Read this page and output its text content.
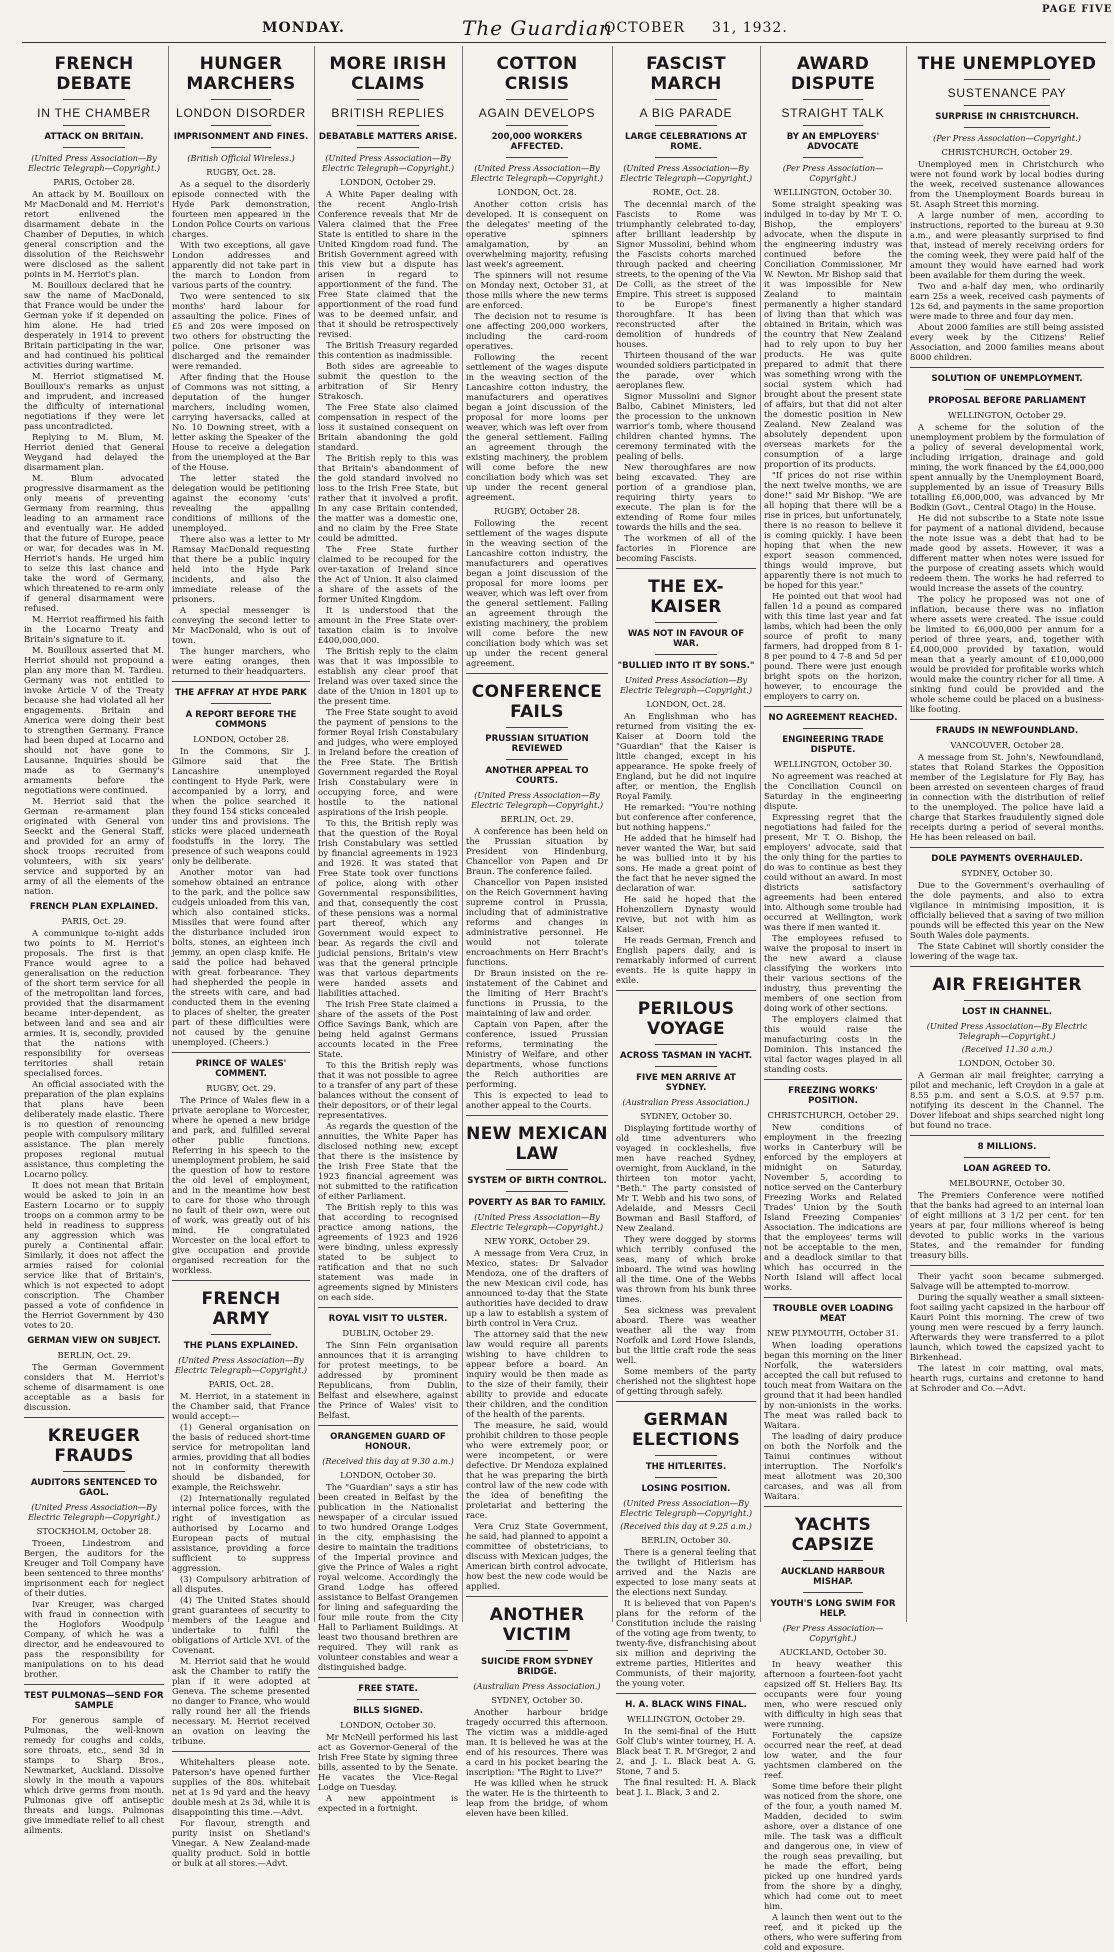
MONDAY.	The Guardian
OCTOBER 31, 1932.
PAGE FIVE
FRENCH DEBATE
IN THE CHAMBER
ATTACK ON BRITAIN.
(United Press Association—By Electric Telegraph—Copyright.)
PARIS, October 28.
An attack by M. Bouilloux on Mr MacDonald and M. Herriot's retort enlivened the disarmament debate in the Chamber of Deputies, in which general conscription and the dissolution of the Reichswehr were disclosed as the salient points in M. Herriot's plan.
M. Bouilloux declared that he saw the name of MacDonald, that France would be under the German yoke if it depended on him alone. He had tried desperately in 1914 to prevent Britain participating in the war, and had continued his political activities during wartime.
M. Herriot stigmatised M. Bouilloux's remarks as unjust and imprudent, and increased the difficulty of international negotiations if they were let pass uncontradicted.
Replying to M. Blum, M. Herriot denied that General Weygand had delayed the disarmament plan.
M. Blum advocated progressive disarmament as the only means of preventing Germany from rearming, thus leading to an armament race and eventually war. He added that the future of Europe, peace or war, for decades was in M. Herriot's hands. He urged him to seize this last chance and take the word of Germany, which threatened to re-arm only if general disarmament were refused.
M. Herriot reaffirmed his faith in the Locarno Treaty and Britain's signature to it.
M. Bouilloux asserted that M. Herriot should not propound a plan any more than M. Tardieu. Germany was not entitled to invoke Article V of the Treaty because she had violated all her engagements. Britain and America were doing their best to strengthen Germany. France had been duped at Locarno and should not have gone to Lausanne. Inquiries should be made as to Germany's armaments before the negotiations were continued.
M. Herriot said that the German re-armament plan originated with General von Seeckt and the General Staff, and provided for an army of shock troops recruited from volunteers, with six years' service and supported by an army of all the elements of the nation.
FRENCH PLAN EXPLAINED.
PARIS, Oct. 29.
A communique to-night adds two points to M. Herriot's proposals. The first is that France would agree to a generalisation on the reduction of the short term service for all of the metropolitan land forces, provided that the disarmament became inter-dependent, as between land and sea and air armies. It is, secondly, provided that the nations with responsibility for overseas territories shall retain specialised forces.
An official associated with the preparation of the plan explains that plans have been deliberately made elastic. There is no question of renouncing people with compulsory military assistance. The plan merely proposes regional mutual assistance, thus completing the Locarno policy.
It does not mean that Britain would be asked to join in an Eastern Locarno or to supply troops on a common army to be held in readiness to suppress any aggression which was purely a Continental affair. Similarly, it does not affect the armies raised for colonial service like that of Britain's, which is not expected to adopt conscription. The Chamber passed a vote of confidence in the Herriot Government by 430 votes to 20.
GERMAN VIEW ON SUBJECT.
BERLIN, Oct. 29.
The German Government considers that M. Herriot's scheme of disarmament is one acceptable as a basis for discussion.
KREUGER FRAUDS
AUDITORS SENTENCED TO GAOL.
(United Press Association—By Electric Telegraph—Copyright.)
STOCKHOLM, October 28.
Troeen, Lindestrom and Bergen, the auditors for the Kreuger and Toll Company have been sentenced to three months' imprisonment each for neglect of their duties.
Ivar Kreuger, was charged with fraud in connection with the Hoglofors Woodpulp Company, of which he was a director, and he endeavoured to pass the responsibility for manipulations on to his dead brother.
TEST PULMONAS—SEND FOR SAMPLE
For generous sample of Pulmonas, the well-known remedy for coughs and colds, sore throats, etc., send 3d in stamps to Sharp Bros., Newmarket, Auckland. Dissolve slowly in the mouth a vapours which drive germs from mouth. Pulmonas give off antiseptic threats and lungs. Pulmonas give immediate relief to all chest ailments.
HUNGER MARCHERS
LONDON DISORDER
IMPRISONMENT AND FINES.
(British Official Wireless.)
RUGBY, Oct. 28.
As a sequel to the disorderly episode connected with the Hyde Park demonstration, fourteen men appeared in the London Police Courts on various charges.
With two exceptions, all gave London addresses and apparently did not take part in the march to London from various parts of the country.
Two were sentenced to six months' hard labour for assaulting the police. Fines of £5 and 20s were imposed on two others for obstructing the police. One prisoner was discharged and the remainder were remanded.
After finding that the House of Commons was not sitting, a deputation of the hunger marchers, including women, carrying haversacks, called at No. 10 Downing street, with a letter asking the Speaker of the House to receive a delegation from the unemployed at the Bar of the House.
The letter stated the delegation would be petitioning against the economy 'cuts' revealing the appalling conditions of millions of the unemployed.
There also was a letter to Mr Ramsay MacDonald requesting that there be a public inquiry held into the Hyde Park incidents, and also the immediate release of the prisoners.
A special messenger is conveying the second letter to Mr MacDonald, who is out of town.
The hunger marchers, who were eating oranges, then returned to their headquarters.
THE AFFRAY AT HYDE PARK
A REPORT BEFORE THE COMMONS
LONDON, October 28.
In the Commons, Sir J. Gilmore said that the Lancashire unemployed contingent to Hyde Park, were accompanied by a lorry, and when the police searched it they found 154 sticks concealed under tins and provisions. The sticks were placed underneath foodstuffs in the lorry. The presence of such weapons could only be deliberate.
Another motor van had somehow obtained an entrance to the park, and the police saw cudgels unloaded from this van, which also contained sticks. Missiles that were found after the disturbance included iron bolts, stones, an eighteen inch jemmy, an open clasp knife. He said the police had behaved with great forbearance. They had shepherded the people in the streets with care, and had conducted them in the evening to places of shelter, the greater part of these difficulties were not caused by the genuine unemployed. (Cheers.)
PRINCE OF WALES' COMMENT.
RUGBY, Oct. 29.
The Prince of Wales flew in a private aeroplane to Worcester, where he opened a new bridge and park, and fulfilled several other public functions. Referring in his speech to the unemployment problem, he said the question of how to restore the old level of employment, and in the meantime how best to care for those who through no fault of their own, were out of work, was greatly out of his mind. He congratulated Worcester on the local effort to give occupation and provide organised recreation for the workless.
FRENCH ARMY
THE PLANS EXPLAINED.
(United Press Association—By Electric Telegraph—Copyright.)
PARIS, Oct. 28.
M. Herriot, in a statement in the Chamber said, that France would accept:—
(1) General organisation on the basis of reduced short-time service for metropolitan land armies, providing that all bodies not in conformity therewith should be disbanded, for example, the Reichswehr.
(2) Internationally regulated internal police forces, with the right of investigation as authorised by Locarno and European pacts of mutual assistance, providing a force sufficient to suppress aggression.
(3) Compulsory arbitration of all disputes.
(4) The United States should grant guarantees of security to members of the League and undertake to fulfil the obligations of Article XVI. of the Covenant.
M. Herriot said that he would ask the Chamber to ratify the plan if it were adopted at Geneva. The scheme presented no danger to France, who would rally round her all the friends necessary. M. Herriot received an ovation on leaving the tribune.
Whitehalters please note. Paterson's have opened further supplies of the 80s. whitebait net at 1s 9d yard and the heavy double mesh at 2s 3d, while it is disappointing this time.—Advt.
For flavour, strength and purity insist on Shetland's Vinegar. A New Zealand-made quality product. Sold in bottle or bulk at all stores.—Advt.
MORE IRISH CLAIMS
BRITISH REPLIES
DEBATABLE MATTERS ARISE.
(United Press Association—By Electric Telegraph—Copyright.)
LONDON, October 29.
A White Paper dealing with the recent Anglo-Irish Conference reveals that Mr de Valera claimed that the Free State is entitled to share in the United Kingdom road fund. The British Government agreed with this view but a dispute has arisen in regard to apportionment of the fund. The Free State claimed that the apportionment of the road fund was to be deemed unfair, and that it should be retrospectively revised.
The British Treasury regarded this contention as inadmissible.
Both sides are agreeable to submit the question to the arbitration of Sir Henry Strakosch.
The Free State also claimed compensation in respect of the loss it sustained consequent on Britain abandoning the gold standard.
The British reply to this was that Britain's abandonment of the gold standard involved no loss to the Irish Free State, but rather that it involved a profit. In any case Britain contended, the matter was a domestic one, and no claim by the Free State could be admitted.
The Free State further claimed to be recouped for the over-taxation of Ireland since the Act of Union. It also claimed a share of the assets of the former United Kingdom.
It is understood that the amount in the Free State over-taxation claim is to involve £400,000,000.
The British reply to the claim was that it was impossible to establish any clear proof that Ireland was over taxed since the date of the Union in 1801 up to the present time.
The Free State sought to avoid the payment of pensions to the former Royal Irish Constabulary and judges, who were employed in Ireland before the creation of the Free State. The British Government regarded the Royal Irish Constabulary were in occupying force, and were hostile to the national aspirations of the Irish people.
To this, the British reply was that the question of the Royal Irish Constabulary was settled by financial agreements in 1923 and 1926. It was stated that Free State took over functions of police, along with other Governmental responsibilities, and that, consequently the cost of these pensions was a normal part thereof, which any Government would expect to bear. As regards the civil and judicial pensions, Britain's view was that the general principle was that various departments were handed assets and liabilities attached.
The Irish Free State claimed a share of the assets of the Post Office Savings Bank, which are being held against Germans accounts located in the Free State.
To this the British reply was that it was not possible to agree to a transfer of any part of these balances without the consent of their depositors, or of their legal representatives.
As regards the question of the annuities, the White Paper has disclosed nothing new, except that there is the insistence by the Irish Free State that the 1923 financial agreement was not submitted to the ratification of either Parliament.
The British reply to this was that according to recognised practice among nations, the agreements of 1923 and 1926 were binding, unless expressly stated to be subject to ratification and that no such statement was made in agreements signed by Ministers on each side.
ROYAL VISIT TO ULSTER.
DUBLIN, October 29.
The Sinn Fein organisation announces that it is arranging for protest meetings, to be addressed by prominent Republicans, from Dublin, Belfast and elsewhere, against the Prince of Wales' visit to Belfast.
ORANGEMEN GUARD OF HONOUR.
(Received this day at 9.30 a.m.)
LONDON, October 30.
The "Guardian" says a stir has been created in Belfast by the publication in the Nationalist newspaper of a circular issued to two hundred Orange Lodges in the city, emphasising the desire to maintain the traditions of the Imperial province and give the Prince of Wales a right royal welcome. Accordingly the Grand Lodge has offered assistance to Belfast Orangemen for lining and safeguarding the four mile route from the City Hall to Parliament Buildings. At least two thousand brethren are required. They will rank as volunteer constables and wear a distinguished badge.
FREE STATE.
BILLS SIGNED.
LONDON, October 30.
Mr McNeill performed his last act as Governor-General of the Irish Free State by signing three bills, assented to by the Senate. He vacates the Vice-Regal Lodge on Tuesday.
A new appointment is expected in a fortnight.
COTTON CRISIS
AGAIN DEVELOPS
200,000 WORKERS AFFECTED.
(United Press Association—By Electric Telegraph—Copyright.)
LONDON, Oct. 28.
Another cotton crisis has developed. It is consequent on the delegates' meeting of the operative spinners amalgamation, by an overwhelming majority, refusing last week's agreement.
The spinners will not resume on Monday next, October 31, at those mills where the new terms are enforced.
The decision not to resume is one affecting 200,000 workers, including the card-room operatives.
Following the recent settlement of the wages dispute in the weaving section of the Lancashire cotton industry, the manufacturers and operatives began a joint discussion of the proposal for more looms per weaver, which was left over from the general settlement. Failing an agreement through the existing machinery, the problem will come before the new conciliation body which was set up under the recent general agreement.
RUGBY, October 28.
Following the recent settlement of the wages dispute in the weaving section of the Lancashire cotton industry, the manufacturers and operatives began a joint discussion of the proposal for more looms per weaver, which was left over from the general settlement. Failing an agreement through the existing machinery, the problem will come before the new conciliation body which was set up under the recent general agreement.
CONFERENCE FAILS
PRUSSIAN SITUATION REVIEWED
ANOTHER APPEAL TO COURTS.
(United Press Association—By Electric Telegraph—Copyright.)
BERLIN, Oct. 29.
A conference has been held on the Prussian situation by President von Hindenburg, Chancellor von Papen and Dr Braun. The conference failed.
Chancellor von Papen insisted on the Reich Government having supreme control in Prussia, including that of administrative reforms and changes in administrative personnel. He would not tolerate encroachments on Herr Bracht's functions.
Dr Braun insisted on the re-instatement of the Cabinet and the limiting of Herr Bracht's functions in Prussia, to the maintaining of law and order.
Captain von Papen, after the conference, issued Prussian reforms, terminating the Ministry of Welfare, and other departments, whose functions the Reich authorities are performing.
This is expected to lead to another appeal to the Courts.
NEW MEXICAN LAW
SYSTEM OF BIRTH CONTROL.
POVERTY AS BAR TO FAMILY.
(United Press Association—By Electric Telegraph—Copyright.)
NEW YORK, October 29.
A message from Vera Cruz, in Mexico, states: Dr Salvador Mendoza, one of the drafters of the new Mexican civil code, has announced to-day that the State authorities have decided to draw up a law to establish a system of birth control in Vera Cruz.
The attorney said that the new law would require all parents wishing to have children to appear before a board. An inquiry would be then made as to the size of their family, their ability to provide and educate their children, and the condition of the health of the parents.
The measure, he said, would prohibit children to those people who were extremely poor, or were incompetent, or were defective. Dr Mendoza explained that he was preparing the birth control law of the new code with the idea of benefiting the proletariat and bettering the race.
Vera Cruz State Government, he said, had planned to appoint a committee of obstetricians, to discuss with Mexican judges, the American birth control advocate, how best the new code would be applied.
ANOTHER VICTIM
SUICIDE FROM SYDNEY BRIDGE.
(Australian Press Association.)
SYDNEY, October 30.
Another harbour bridge tragedy occurred this afternoon. The victim was a middle-aged man. It is believed he was at the end of his resources. There was a card in his pocket bearing the inscription: "The Right to Live?"
He was killed when he struck the water. He is the thirteenth to leap from the bridge, of whom eleven have been killed.
FASCIST MARCH
A BIG PARADE
LARGE CELEBRATIONS AT ROME.
(United Press Association—By Electric Telegraph—Copyright.)
ROME, Oct. 28.
The decennial march of the Fascists to Rome was triumphantly celebrated to-day, after brilliant leadership by Signor Mussolini, behind whom the Fascists cohorts marched through packed and cheering streets, to the opening of the Via De Colli, as the street of the Empire. This street is supposed to be Europe's finest thoroughfare. It has been reconstructed after the demolition of hundreds of houses.
Thirteen thousand of the war wounded soldiers participated in the parade, over which aeroplanes flew.
Signor Mussolini and Signor Balbo, Cabinet Ministers, led the procession to the unknown warrior's tomb, where thousand children chanted hymns. The ceremony terminated with the pealing of bells.
New thoroughfares are now being excavated. They are portion of a grandiose plan, requiring thirty years to execute. The plan is for the extending of Rome four miles towards the hills and the sea.
The workmen of all of the factories in Florence are becoming Fascists.
THE EX-KAISER
WAS NOT IN FAVOUR OF WAR.
"BULLIED INTO IT BY SONS."
United Press Association—By Electric Telegraph—Copyright.)
LONDON, Oct. 28.
An Englishman who has returned from visiting the ex-Kaiser at Doorn told the "Guardian" that the Kaiser is little changed, except in his appearance. He spoke freely of England, but he did not inquire after, or mention, the English Royal Family.
He remarked: "You're nothing but conference after conference, but nothing happens."
He added that he himself had never wanted the War, but said he was bullied into it by his sons. He made a great point of the fact that he never signed the declaration of war.
He said he hoped that the Hohenzollern Dynasty would revive, but not with him as Kaiser.
He reads German, French and English papers daily, and is remarkably informed of current events. He is quite happy in exile.
PERILOUS VOYAGE
ACROSS TASMAN IN YACHT.
FIVE MEN ARRIVE AT SYDNEY.
(Australian Press Association.)
SYDNEY, October 30.
Displaying fortitude worthy of old time adventurers who voyaged in cockleshells, five men have reached Sydney, overnight, from Auckland, in the thirteen ton motor yacht, "Beth." The party consisted of Mr T. Webb and his two sons, of Adelaide, and Messrs Cecil Bowman and Basil Stafford, of New Zealand.
They were dogged by storms which terribly confused the seas, many of which broke inboard. The wind was howling all the time. One of the Webbs was thrown from his bunk three times.
Sea sickness was prevalent aboard. There was weather weather all the way from Norfolk and Lord Howe Islands, but the little craft rode the seas well.
Some members of the party cherished not the slightest hope of getting through safely.
GERMAN ELECTIONS
THE HITLERITES.
LOSING POSITION.
(United Press Association—By Electric Telegraph—Copyright.)
(Received this day at 9.25 a.m.)
BERLIN, October 30.
There is a general feeling that the twilight of Hitlerism has arrived and the Nazis are expected to lose many seats at the elections next Sunday.
It is believed that von Papen's plans for the reform of the Constitution include the raising of the voting age from twenty, to twenty-five, disfranchising about six million and depriving the extreme parties, Hitlerites and Communists, of their majority, the young voter.
H. A. BLACK WINS FINAL.
WELLINGTON, October 29.
In the semi-final of the Hutt Golf Club's winter tourney, H. A. Black beat T. R. M'Gregor, 2 and 2, and J. L. Black beat A. G. Stone, 7 and 5.
The final resulted: H. A. Black beat J. L. Black, 3 and 2.
AWARD DISPUTE
STRAIGHT TALK
BY AN EMPLOYERS' ADVOCATE
(Per Press Association—Copyright.)
WELLINGTON, October 30.
Some straight speaking was indulged in to-day by Mr T. O. Bishop, the employers' advocate, when the dispute in the engineering industry was continued before the Conciliation Commissioner, Mr W. Newton. Mr Bishop said that it was impossible for New Zealand to maintain permanently a higher standard of living than that which was obtained in Britain, which was the country that New Zealand had to rely upon to buy her products. He was quite prepared to admit that there was something wrong with the social system which had brought about the present state of affairs, but that did not alter the domestic position in New Zealand. New Zealand was absolutely dependent upon overseas markets for the consumption of a large proportion of its products.
"If prices do not rise within the next twelve months, we are done!" said Mr Bishop. "We are all hoping that there will be a rise in prices, but unfortunately, there is no reason to believe it is coming quickly. I have been hoping that when the new export season commenced, things would improve, but apparently there is not much to be hoped for this year."
He pointed out that wool had fallen 1d a pound as compared with this time last year and fat lambs, which had been the only source of profit to many farmers, had dropped from 8 1-8 per pound to 4 7-8 and 5d per pound. There were just enough bright spots on the horizon, however, to encourage the employers to carry on.
NO AGREEMENT REACHED.
ENGINEERING TRADE DISPUTE.
WELLINGTON, October 30.
No agreement was reached at the Conciliation Council on Saturday in the engineering dispute.
Expressing regret that the negotiations had failed for the present, Mr T. O. Bishop, the employers' advocate, said that the only thing for the parties to do was to continue as best they could without an award. In most districts satisfactory agreements had been entered into. Although some trouble had occurred at Wellington, work was there if men wanted it.
The employees refused to waive the proposal to insert in the new award a clause classifying the workers into their various sections of the industry, thus preventing the members of one section from doing work of other sections.
The employers claimed that this would raise the manufacturing costs in the Dominion. This instanced the vital factor wages played in all standing costs.
FREEZING WORKS' POSITION.
CHRISTCHURCH, October 29.
New conditions of employment in the freezing works in Canterbury will be enforced by the employers at midnight on Saturday, November 5, according to notice served on the Canterbury Freezing Works and Related Trades' Union by the South Island Freezing Companies' Association. The indications are that the employees' terms will not be acceptable to the men, and a deadlock similar to that which has occurred in the North Island will affect local works.
TROUBLE OVER LOADING MEAT
NEW PLYMOUTH, October 31.
When loading operations began this morning on the liner Norfolk, the watersiders accepted the call but refused to touch meat from Waitara on the ground that it had been handled by non-unionists in the works. The meat was railed back to Waitara.
The loading of dairy produce on both the Norfolk and the Tainui continues without interruption. The Norfolk's meat allotment was 20,300 carcases, and was all from Waitara.
YACHTS CAPSIZE
AUCKLAND HARBOUR MISHAP.
YOUTH'S LONG SWIM FOR HELP.
(Per Press Association—Copyright.)
AUCKLAND, October 30.
In heavy weather this afternoon a fourteen-foot yacht capsized off St. Heliers Bay. Its occupants were four young men, who were rescued only with difficulty in high seas that were running.
Fortunately the capsize occurred near the reef, at dead low water, and the four yachtsmen clambered on the reef.
Some time before their plight was noticed from the shore, one of the four, a youth named M. Madden, decided to swim ashore, over a distance of one mile. The task was a difficult and dangerous one, in view of the rough seas prevailing, but he made the effort, being picked up one hundred yards from the shore by a dinghy, which had come out to meet him.
A launch then went out to the reef, and it picked up the others, who were suffering from cold and exposure.
THE UNEMPLOYED
SUSTENANCE PAY
SURPRISE IN CHRISTCHURCH.
(Per Press Association—Copyright.)
CHRISTCHURCH, October 29.
Unemployed men in Christchurch who were not found work by local bodies during the week, received sustenance allowances from the Unemployment Boards bureau in St. Asaph Street this morning.
A large number of men, according to instructions, reported to the bureau at 9.30 a.m., and were pleasantly surprised to find that, instead of merely receiving orders for the coming week, they were paid half of the amount they would have earned had work been available for them during the week.
Two and a-half day men, who ordinarily earn 25s a week, received cash payments of 12s 6d, and payments in the same proportion were made to three and four day men.
About 2000 families are still being assisted every week by the Citizens' Relief Association, and 2000 families means about 8000 children.
SOLUTION OF UNEMPLOYMENT.
PROPOSAL BEFORE PARLIAMENT
WELLINGTON, October 29.
A scheme for the solution of the unemployment problem by the formulation of a policy of several developmental work, including irrigation, drainage and gold mining, the work financed by the £4,000,000 spent annually by the Unemployment Board, supplemented by an issue of Treasury Bills totalling £6,000,000, was advanced by Mr Bodkin (Govt., Central Otago) in the House.
He did not subscribe to a State note issue for payment of a national dividend, because the note issue was a debt that had to be made good by assets. However, it was a different matter when notes were issued for the purpose of creating assets which would redeem them. The works he had referred to would increase the assets of the country.
The policy he proposed was not one of inflation, because there was no inflation where assets were created. The issue could be limited to £6,000,000 per annum for a period of three years, and, together with £4,000,000 provided by taxation, would mean that a yearly amount of £10,000,000 would be provided for profitable works which would make the country richer for all time. A sinking fund could be provided and the whole scheme could be placed on a business-like footing.
FRAUDS IN NEWFOUNDLAND.
VANCOUVER, October 28.
A message from St. John's, Newfoundland, states that Roland Starkes the Opposition member of the Legislature for Fly Bay, has been arrested on seventeen charges of fraud in connection with the distribution of relief to the unemployed. The police have laid a charge that Starkes fraudulently signed dole receipts during a period of several months. He has been released on bail.
DOLE PAYMENTS OVERHAULED.
SYDNEY, October 30.
Due to the Government's overhauling of the dole payments, and also to extra vigilance in minimising imposition, it is officially believed that a saving of two million pounds will be effected this year on the New South Wales dole payments.
The State Cabinet will shortly consider the lowering of the wage tax.
AIR FREIGHTER
LOST IN CHANNEL.
(United Press Association—By Electric Telegraph—Copyright.)
(Received 11.30 a.m.)
LONDON, October 30.
A German air mail freighter, carrying a pilot and mechanic, left Croydon in a gale at 8.55 p.m. and sent a S.O.S. at 9.57 p.m. notifying its descent in the Channel. The Dover lifeboat and ships searched night long but found no trace.
8 MILLIONS.
LOAN AGREED TO.
MELBOURNE, October 30.
The Premiers Conference were notified that the banks had agreed to an internal loan of eight millions at 3 1/2 per cent. for ten years at par, four millions whereof is being devoted to public works in the various States, and the remainder for funding treasury bills.
Their yacht soon became submerged. Salvage will be attempted to-morrow.
During the squally weather a small sixteen-foot sailing yacht capsized in the harbour off Kauri Point this morning. The crew of two young men were rescued by a ferry launch. Afterwards they were transferred to a pilot launch, which towed the capsized yacht to Birkenhead.
The latest in coir matting, oval mats, hearth rugs, curtains and cretonne to hand at Schroder and Co.—Advt.
